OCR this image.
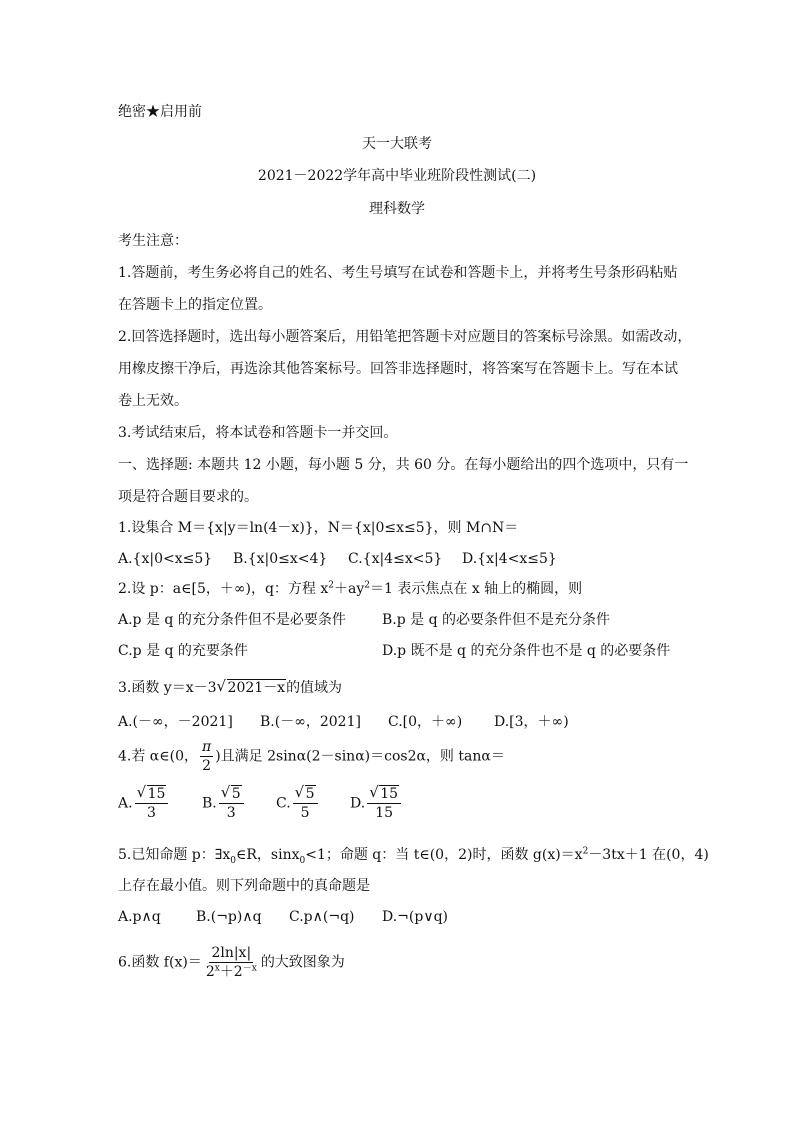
绝密★启用前
天一大联考
2021－2022学年高中毕业班阶段性测试(二)
理科数学
考生注意：
1.答题前，考生务必将自己的姓名、考生号填写在试卷和答题卡上，并将考生号条形码粘贴
在答题卡上的指定位置。
2.回答选择题时，选出每小题答案后，用铅笔把答题卡对应题目的答案标号涂黑。如需改动，
用橡皮擦干净后，再选涂其他答案标号。回答非选择题时，将答案写在答题卡上。写在本试
卷上无效。
3.考试结束后，将本试卷和答题卡一并交回。
一、选择题: 本题共 12 小题，每小题 5 分，共 60 分。在每小题给出的四个选项中，只有一
项是符合题目要求的。
1.设集合 M＝{x|y＝ln(4－x)}，N＝{x|0≤x≤5}，则 M∩N＝
A.{x|0<x≤5} B.{x|0≤x<4} C.{x|4≤x<5} D.{x|4<x≤5}
2.设 p：a∈[5，＋∞)，q：方程 $x^2+ay^2=1$ 表示焦点在 x 轴上的椭圆，则
A.p 是 q 的充分条件但不是必要条件	B.p 是 q 的必要条件但不是充分条件
C.p 是 q 的充要条件	D.p 既不是 q 的充分条件也不是 q 的必要条件
3.函数 y＝x－3 √ 2021－x的值域为
A.(－∞，－2021] B.(－∞，2021] C.[0，＋∞) D.[3，＋∞)
4.若 α∈(0， $\frac{\pi}{2}$ )且满足 2sinα(2－sinα)＝cos2α，则 tanα＝
A. $\frac{√ 15}{3} B$. $\frac{√ 5}{3} C$. $\frac{√ 5}{5} D$. $\frac{√ 15}{15}$
5.已知命题 p：$\exists x_0\in R$，sinx$_0$<1；命题 q：当 t∈(0，2)时，函数 $g(x)=x^2-3tx+1$ 在(0，4)
上存在最小值。则下列命题中的真命题是
A.p∧q	B.(¬p)∧q C.p∧(¬q) D.¬(p∨q)
6.函数 $f(x)= \frac{2\ln|x|}{2^x+2^{-x}}$ 的大致图象为
